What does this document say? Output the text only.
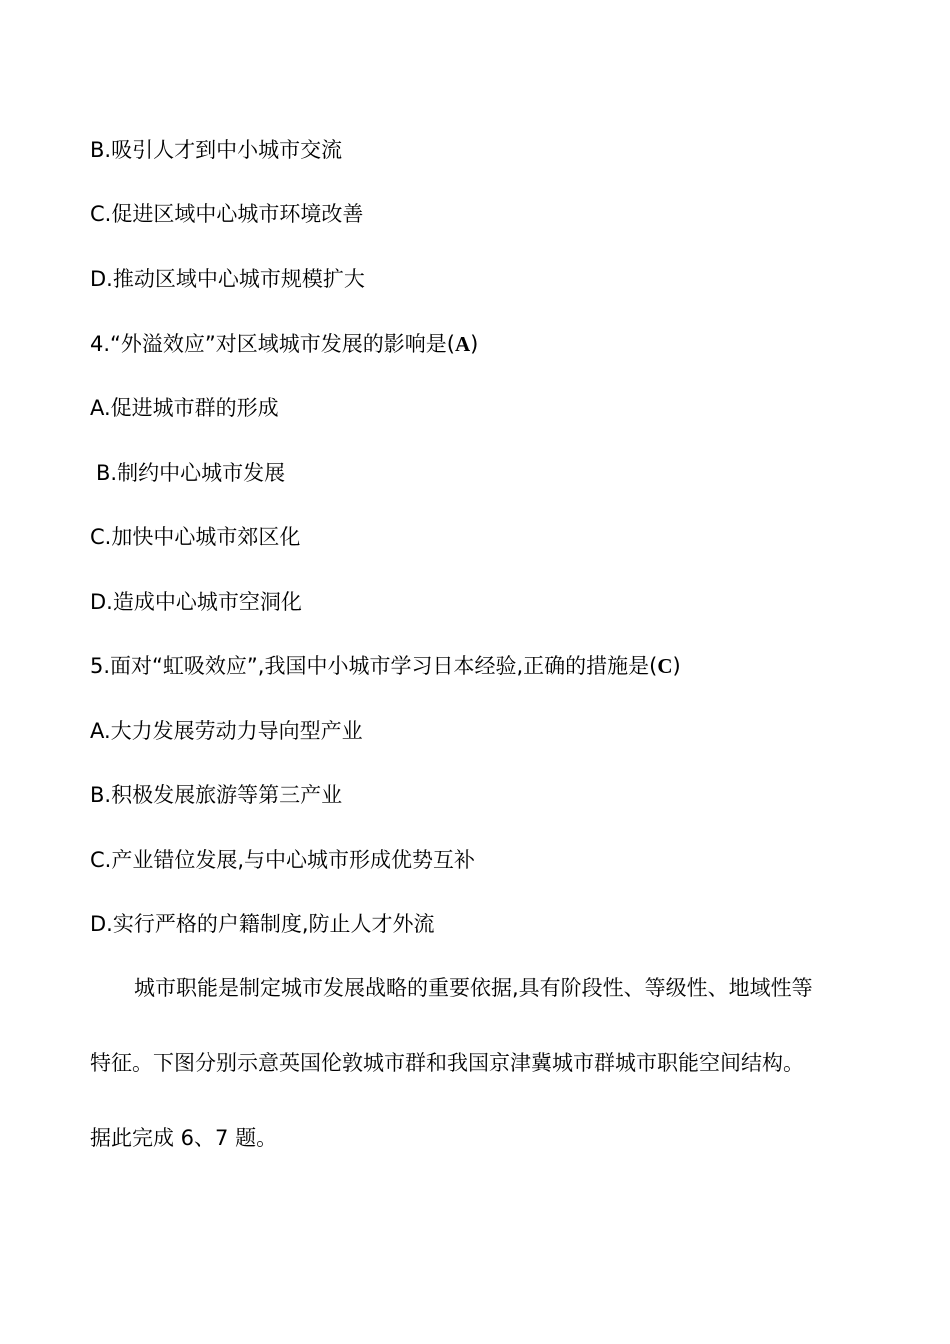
B.吸引人才到中小城市交流
C.促进区域中心城市环境改善
D.推动区域中心城市规模扩大
4.“外溢效应”对区域城市发展的影响是(A)
A.促进城市群的形成
B.制约中心城市发展
C.加快中心城市郊区化
D.造成中心城市空洞化
5.面对“虹吸效应”,我国中小城市学习日本经验,正确的措施是(C)
A.大力发展劳动力导向型产业
B.积极发展旅游等第三产业
C.产业错位发展,与中心城市形成优势互补
D.实行严格的户籍制度,防止人才外流
城市职能是制定城市发展战略的重要依据,具有阶段性、等级性、地域性等
特征。下图分别示意英国伦敦城市群和我国京津冀城市群城市职能空间结构。
据此完成 6、7 题。
